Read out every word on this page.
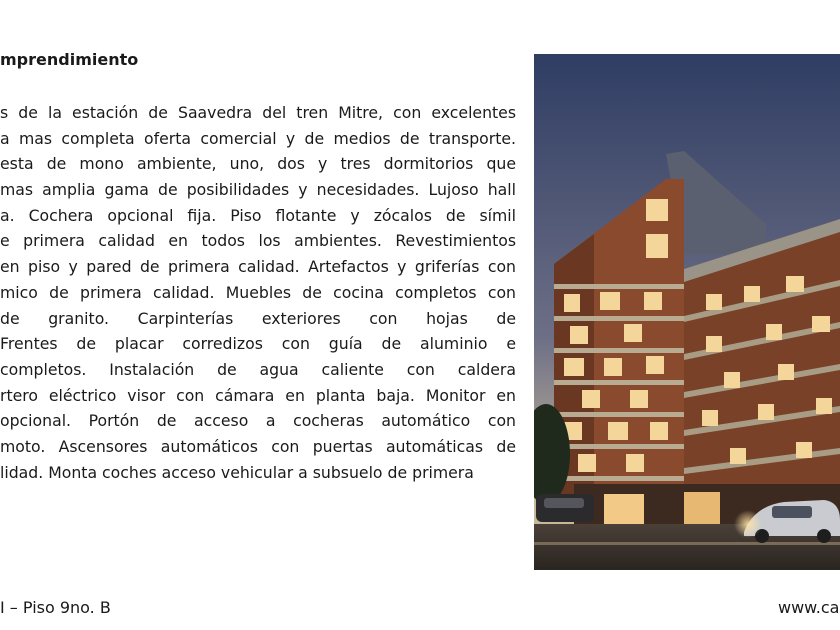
mprendimiento
s de la estación de Saavedra del tren Mitre, con excelentes
a mas completa oferta comercial y de medios de transporte.
esta de mono ambiente, uno, dos y tres dormitorios que
mas amplia gama de posibilidades y necesidades. Lujoso hall
a. Cochera opcional fija. Piso flotante y zócalos de símil
e primera calidad en todos los ambientes. Revestimientos
en piso y pared de primera calidad. Artefactos y griferías con
mico de primera calidad. Muebles de cocina completos con
de granito. Carpinterías exteriores con hojas de
Frentes de placar corredizos con guía de aluminio e
completos. Instalación de agua caliente con caldera
rtero eléctrico visor con cámara en planta baja. Monitor en
opcional. Portón de acceso a cocheras automático con
moto. Ascensores automáticos con puertas automáticas de
lidad. Monta coches acceso vehicular a subsuelo de primera
I – Piso 9no. B	www.ca
